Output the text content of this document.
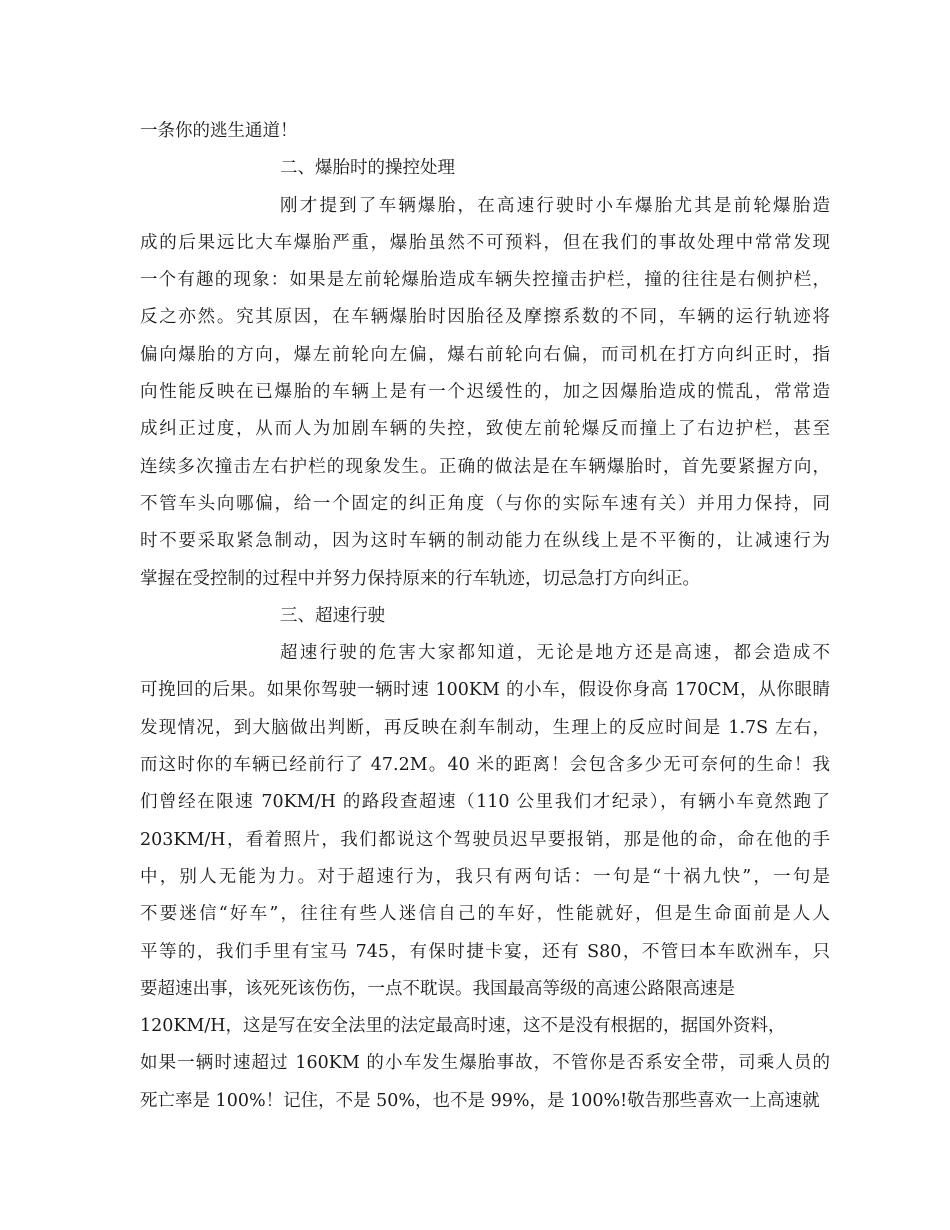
一条你的逃生通道！
二、爆胎时的操控处理
刚才提到了车辆爆胎，在高速行驶时小车爆胎尤其是前轮爆胎造
成的后果远比大车爆胎严重，爆胎虽然不可预料，但在我们的事故处理中常常发现
一个有趣的现象：如果是左前轮爆胎造成车辆失控撞击护栏，撞的往往是右侧护栏，
反之亦然。究其原因，在车辆爆胎时因胎径及摩擦系数的不同，车辆的运行轨迹将
偏向爆胎的方向，爆左前轮向左偏，爆右前轮向右偏，而司机在打方向纠正时，指
向性能反映在已爆胎的车辆上是有一个迟缓性的，加之因爆胎造成的慌乱，常常造
成纠正过度，从而人为加剧车辆的失控，致使左前轮爆反而撞上了右边护栏，甚至
连续多次撞击左右护栏的现象发生。正确的做法是在车辆爆胎时，首先要紧握方向，
不管车头向哪偏，给一个固定的纠正角度（与你的实际车速有关）并用力保持，同
时不要采取紧急制动，因为这时车辆的制动能力在纵线上是不平衡的，让减速行为
掌握在受控制的过程中并努力保持原来的行车轨迹，切忌急打方向纠正。
三、超速行驶
超速行驶的危害大家都知道，无论是地方还是高速，都会造成不
可挽回的后果。如果你驾驶一辆时速 100KM 的小车，假设你身高 170CM，从你眼睛
发现情况，到大脑做出判断，再反映在刹车制动，生理上的反应时间是 1.7S 左右，
而这时你的车辆已经前行了 47.2M。40 米的距离！会包含多少无可奈何的生命！我
们曾经在限速 70KM/H 的路段查超速（110 公里我们才纪录），有辆小车竟然跑了
203KM/H，看着照片，我们都说这个驾驶员迟早要报销，那是他的命，命在他的手
中，别人无能为力。对于超速行为，我只有两句话：一句是“十祸九快”，一句是
不要迷信“好车”，往往有些人迷信自己的车好，性能就好，但是生命面前是人人
平等的，我们手里有宝马 745，有保时捷卡宴，还有 S80，不管曰本车欧洲车，只
要超速出事，该死死该伤伤，一点不耽误。我国最高等级的高速公路限高速是
120KM/H，这是写在安全法里的法定最高时速，这不是没有根据的，据国外资料，
如果一辆时速超过 160KM 的小车发生爆胎事故，不管你是否系安全带，司乘人员的
死亡率是 100%！记住，不是 50%，也不是 99%，是 100%!敬告那些喜欢一上高速就
